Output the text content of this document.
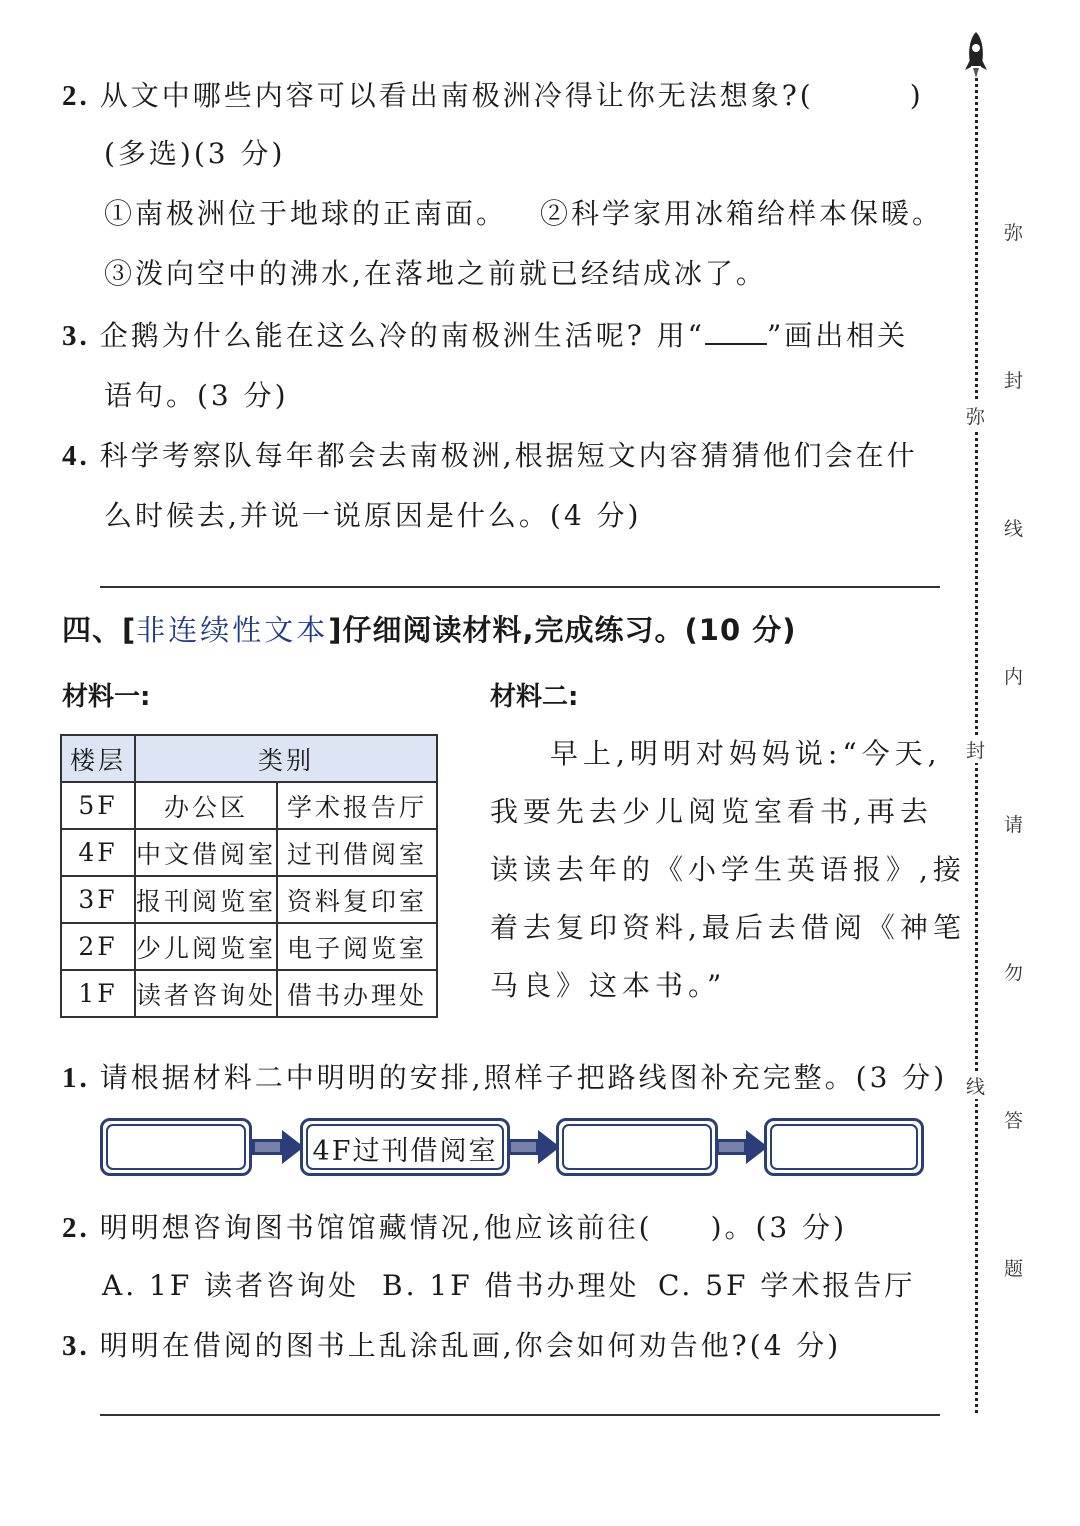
2. 从文中哪些内容可以看出南极洲冷得让你无法想象?(	)
(多选)(3 分)
①南极洲位于地球的正南面。 ②科学家用冰箱给样本保暖。
③泼向空中的沸水,在落地之前就已经结成冰了。
3. 企鹅为什么能在这么冷的南极洲生活呢? 用“ ”画出相关
语句。(3 分)
4. 科学考察队每年都会去南极洲,根据短文内容猜猜他们会在什
么时候去,并说一说原因是什么。(4 分)
四、[非连续性文本]仔细阅读材料,完成练习。(10 分)
材料一:	材料二:
楼层	类别	
5F	办公区	学术报告厅
4F	中文借阅室	过刊借阅室
3F	报刊阅览室	资料复印室
2F	少儿阅览室	电子阅览室
1F	读者咨询处	借书办理处
早上,明明对妈妈说:“今天,
我要先去少儿阅览室看书,再去
读读去年的《小学生英语报》,接
着去复印资料,最后去借阅《神笔
马良》这本书。”
1. 请根据材料二中明明的安排,照样子把路线图补充完整。(3 分)
4F过刊借阅室
2. 明明想咨询图书馆馆藏情况,他应该前往( )。(3 分)
A. 1F 读者咨询处 B. 1F 借书办理处 C. 5F 学术报告厅
3. 明明在借阅的图书上乱涂乱画,你会如何劝告他?(4 分)
弥
封
线
内
请
勿
答
题
弥
封
线
